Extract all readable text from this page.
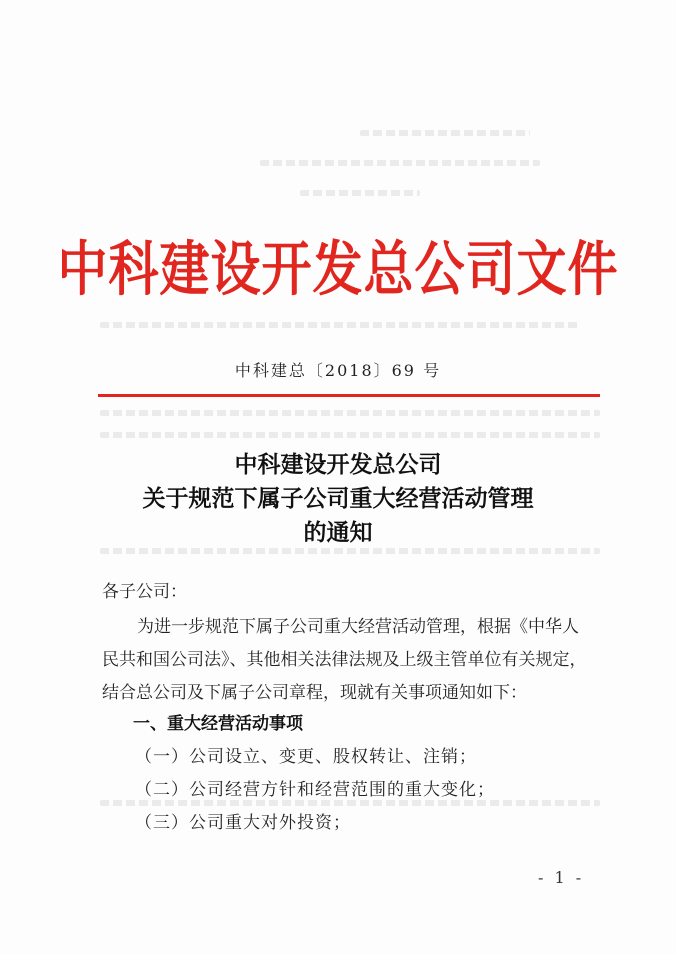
中科建设开发总公司文件
中科建总〔2018〕69 号
中科建设开发总公司
关于规范下属子公司重大经营活动管理
的通知
各子公司：
为进一步规范下属子公司重大经营活动管理，根据《中华人
民共和国公司法》、其他相关法律法规及上级主管单位有关规定，
结合总公司及下属子公司章程，现就有关事项通知如下：
一、重大经营活动事项
（一）公司设立、变更、股权转让、注销；
（二）公司经营方针和经营范围的重大变化；
（三）公司重大对外投资；
- 1 -
